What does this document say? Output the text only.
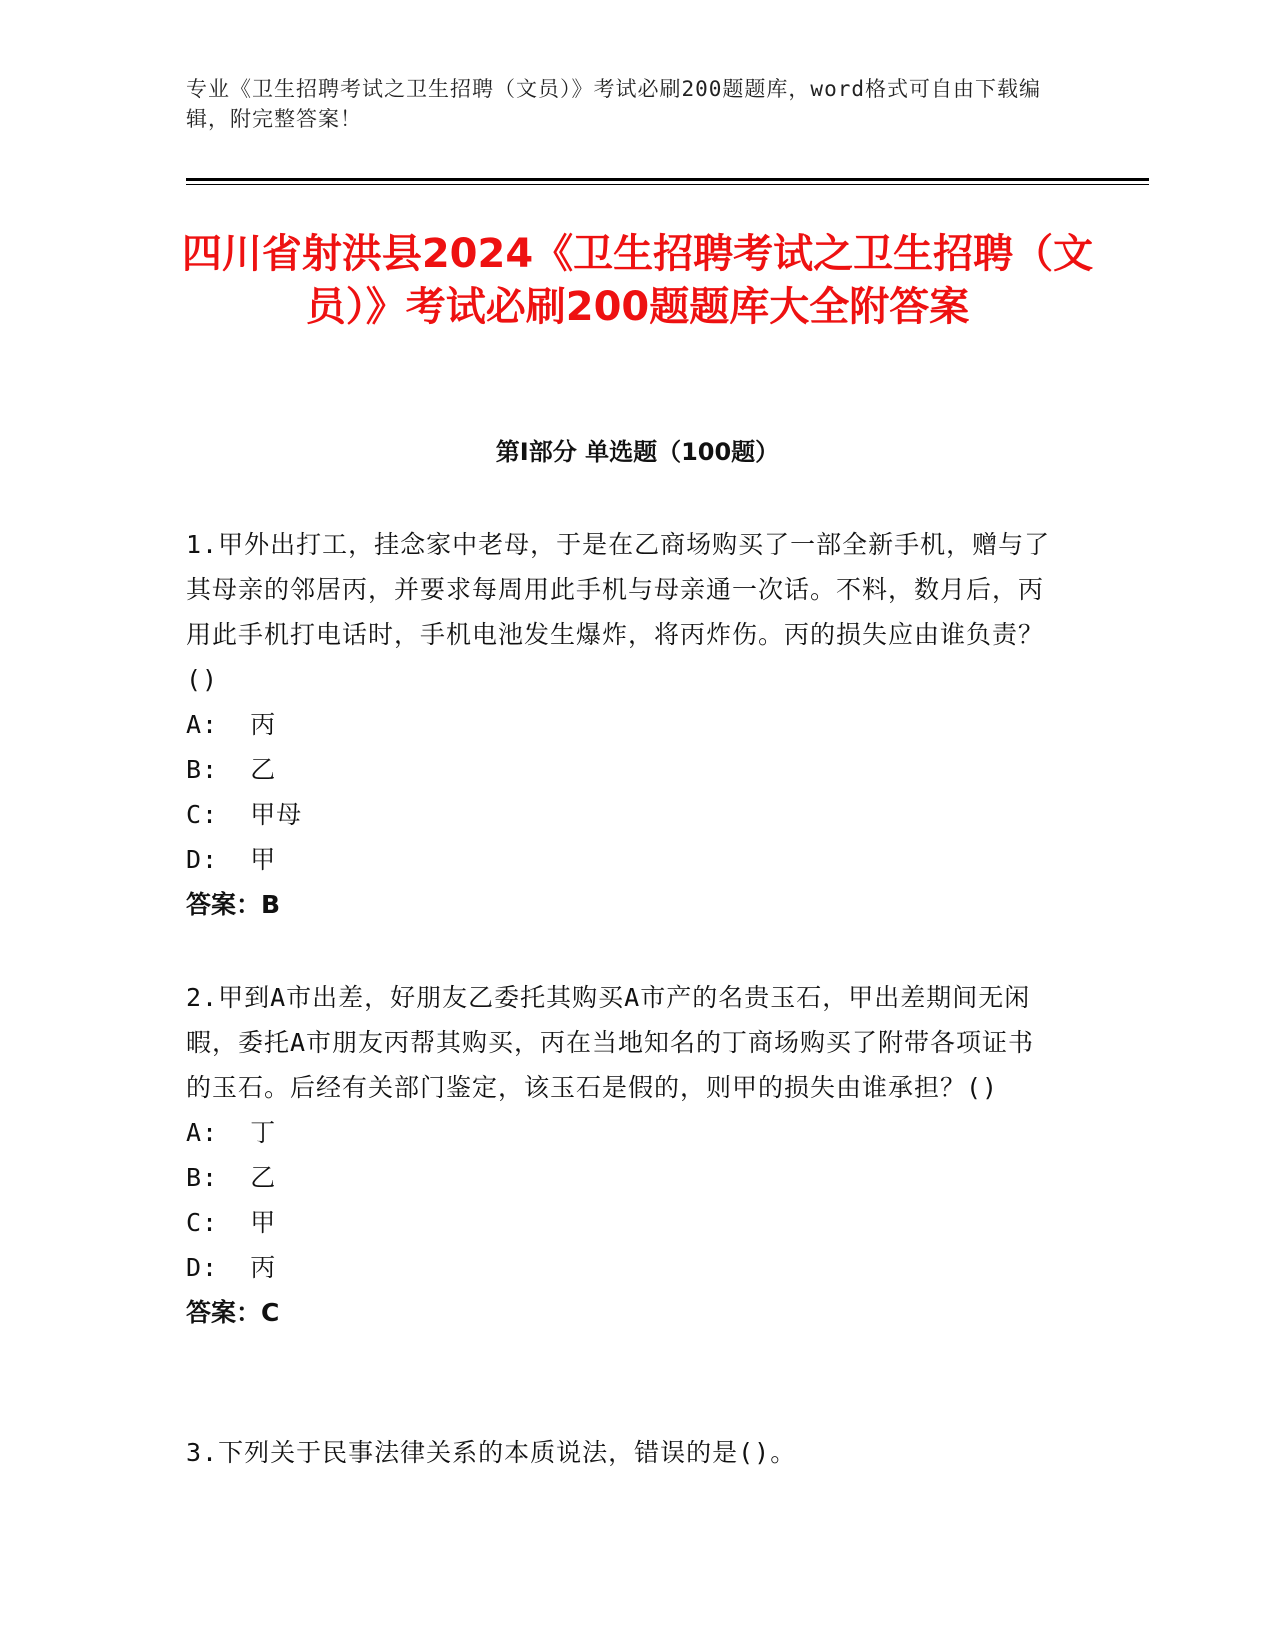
专业《卫生招聘考试之卫生招聘（文员）》考试必刷200题题库，word格式可自由下载编辑，附完整答案！
四川省射洪县2024《卫生招聘考试之卫生招聘（文员）》考试必刷200题题库大全附答案
第Ⅰ部分 单选题（100题）

1.甲外出打工，挂念家中老母，于是在乙商场购买了一部全新手机，赠与了其母亲的邻居丙，并要求每周用此手机与母亲通一次话。不料，数月后，丙用此手机打电话时，手机电池发生爆炸，将丙炸伤。丙的损失应由谁负责？()

A:  丙

B:  乙

C:  甲母

D:  甲

答案：B

2.甲到A市出差，好朋友乙委托其购买A市产的名贵玉石，甲出差期间无闲暇，委托A市朋友丙帮其购买，丙在当地知名的丁商场购买了附带各项证书的玉石。后经有关部门鉴定，该玉石是假的，则甲的损失由谁承担？()

A:  丁

B:  乙

C:  甲

D:  丙

答案：C

3.下列关于民事法律关系的本质说法，错误的是()。
